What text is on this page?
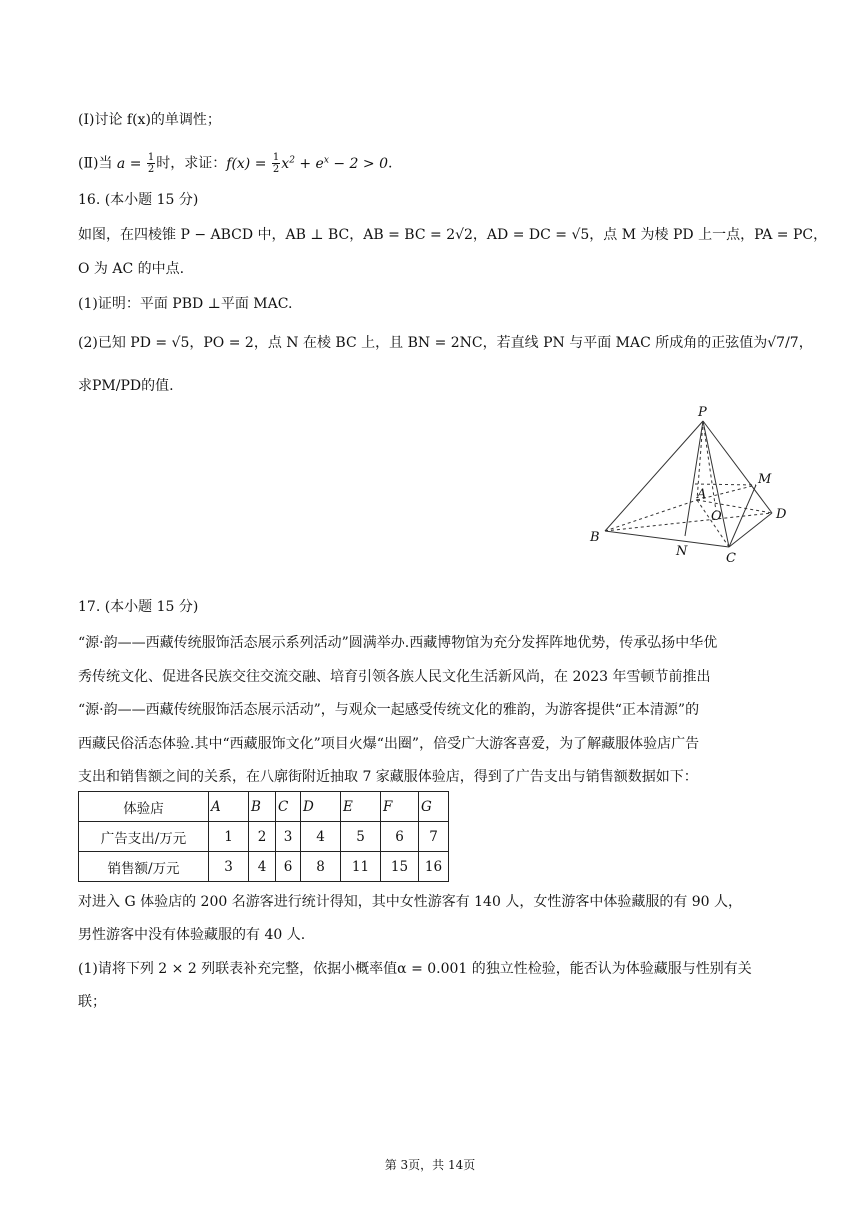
(Ⅰ)讨论 f(x)的单调性；
(Ⅱ)当 $a = \frac{1}{2}$ 时，求证：$f(x) = \frac{1}{2} x^2 + e^x - 2 > 0$.
16. (本小题 15 分)
如图，在四棱锥 P − ABCD 中，AB ⊥ BC，AB = BC = 2√2，AD = DC = √5，点 M 为棱 PD 上一点，PA = PC，
O 为 AC 的中点.
(1)证明：平面 PBD ⊥平面 MAC.
(2)已知 PD = √5，PO = 2，点 N 在棱 BC 上，且 BN = 2NC，若直线 PN 与平面 MAC 所成角的正弦值为√7/7，
求PM/PD的值.
P
M
A
O	D
B
N	C
17. (本小题 15 分)
“源·韵——西藏传统服饰活态展示系列活动”圆满举办.西藏博物馆为充分发挥阵地优势，传承弘扬中华优
秀传统文化、促进各民族交往交流交融、培育引领各族人民文化生活新风尚，在 2023 年雪顿节前推出
“源·韵——西藏传统服饰活态展示活动”，与观众一起感受传统文化的雅韵，为游客提供“正本清源”的
西藏民俗活态体验.其中“西藏服饰文化”项目火爆“出圈”，倍受广大游客喜爱，为了解藏服体验店广告
支出和销售额之间的关系，在八廓街附近抽取 7 家藏服体验店，得到了广告支出与销售额数据如下：
体验店	A	B	C	D	E	F	G
广告支出/万元	1	2	3	4	5	6	7
销售额/万元	3	4	6	8	11	15	16
对进入 G 体验店的 200 名游客进行统计得知，其中女性游客有 140 人，女性游客中体验藏服的有 90 人，
男性游客中没有体验藏服的有 40 人.
(1)请将下列 2 × 2 列联表补充完整，依据小概率值α = 0.001 的独立性检验，能否认为体验藏服与性别有关
联；
第 3页，共 14页
